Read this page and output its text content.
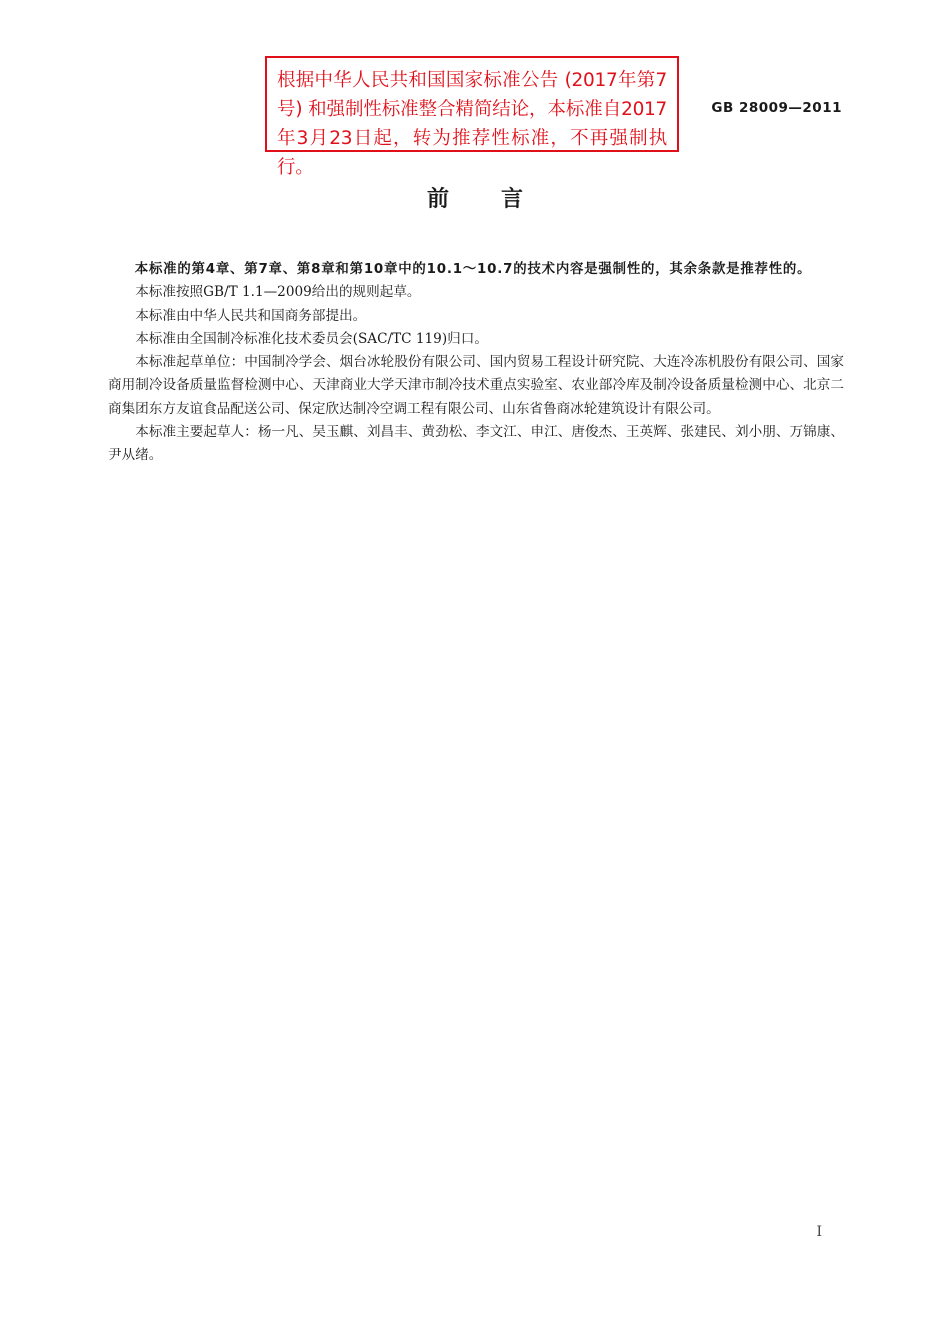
根据中华人民共和国国家标准公告 (2017年第7号) 和强制性标准整合精简结论，本标准自2017年3月23日起，转为推荐性标准，不再强制执行。
GB 28009—2011
前言

本标准的第4章、第7章、第8章和第10章中的10.1～10.7的技术内容是强制性的，其余条款是推荐性的。

本标准按照GB/T 1.1—2009给出的规则起草。

本标准由中华人民共和国商务部提出。

本标准由全国制冷标准化技术委员会(SAC/TC 119)归口。

本标准起草单位：中国制冷学会、烟台冰轮股份有限公司、国内贸易工程设计研究院、大连冷冻机股份有限公司、国家商用制冷设备质量监督检测中心、天津商业大学天津市制冷技术重点实验室、农业部冷库及制冷设备质量检测中心、北京二商集团东方友谊食品配送公司、保定欣达制冷空调工程有限公司、山东省鲁商冰轮建筑设计有限公司。

本标准主要起草人：杨一凡、吴玉麒、刘昌丰、黄劲松、李文江、申江、唐俊杰、王英辉、张建民、刘小朋、万锦康、尹从绪。

I
